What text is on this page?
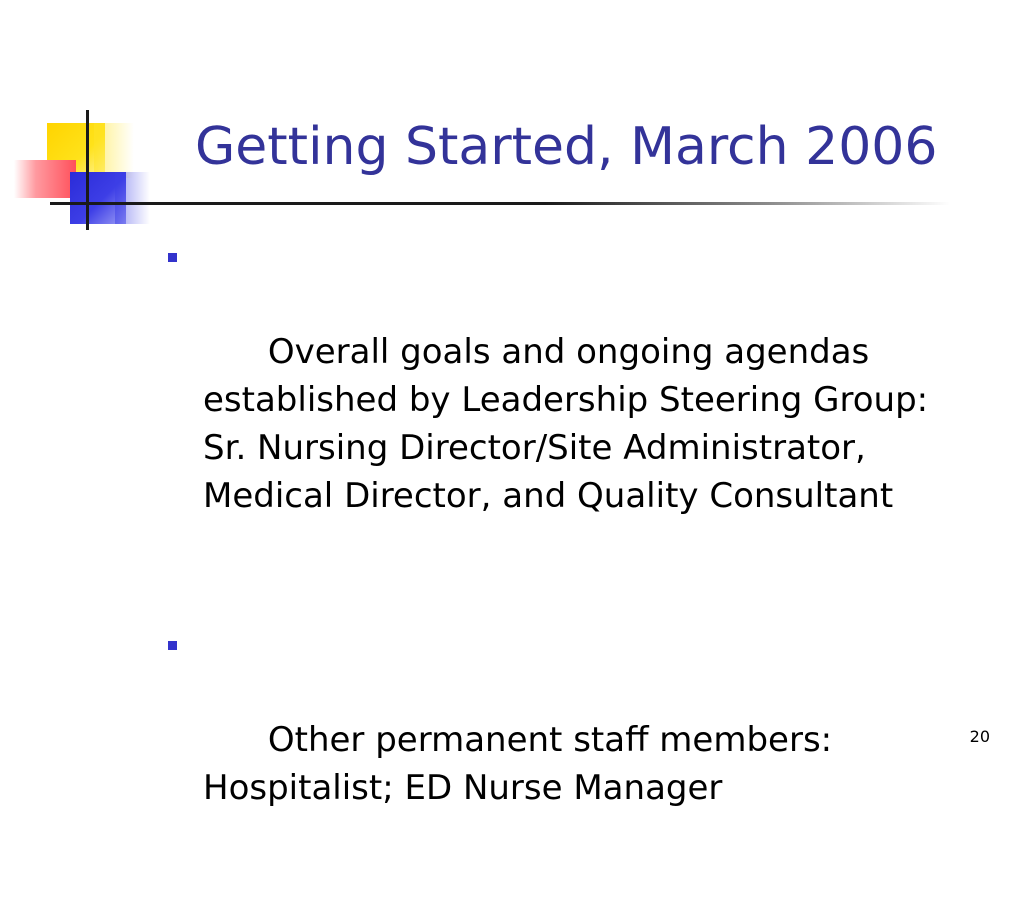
Getting Started, March 2006

Overall goals and ongoing agendas established by Leadership Steering Group:  Sr. Nursing Director/Site Administrator, Medical Director, and Quality Consultant

Other permanent staff members: Hospitalist; ED Nurse Manager

20
